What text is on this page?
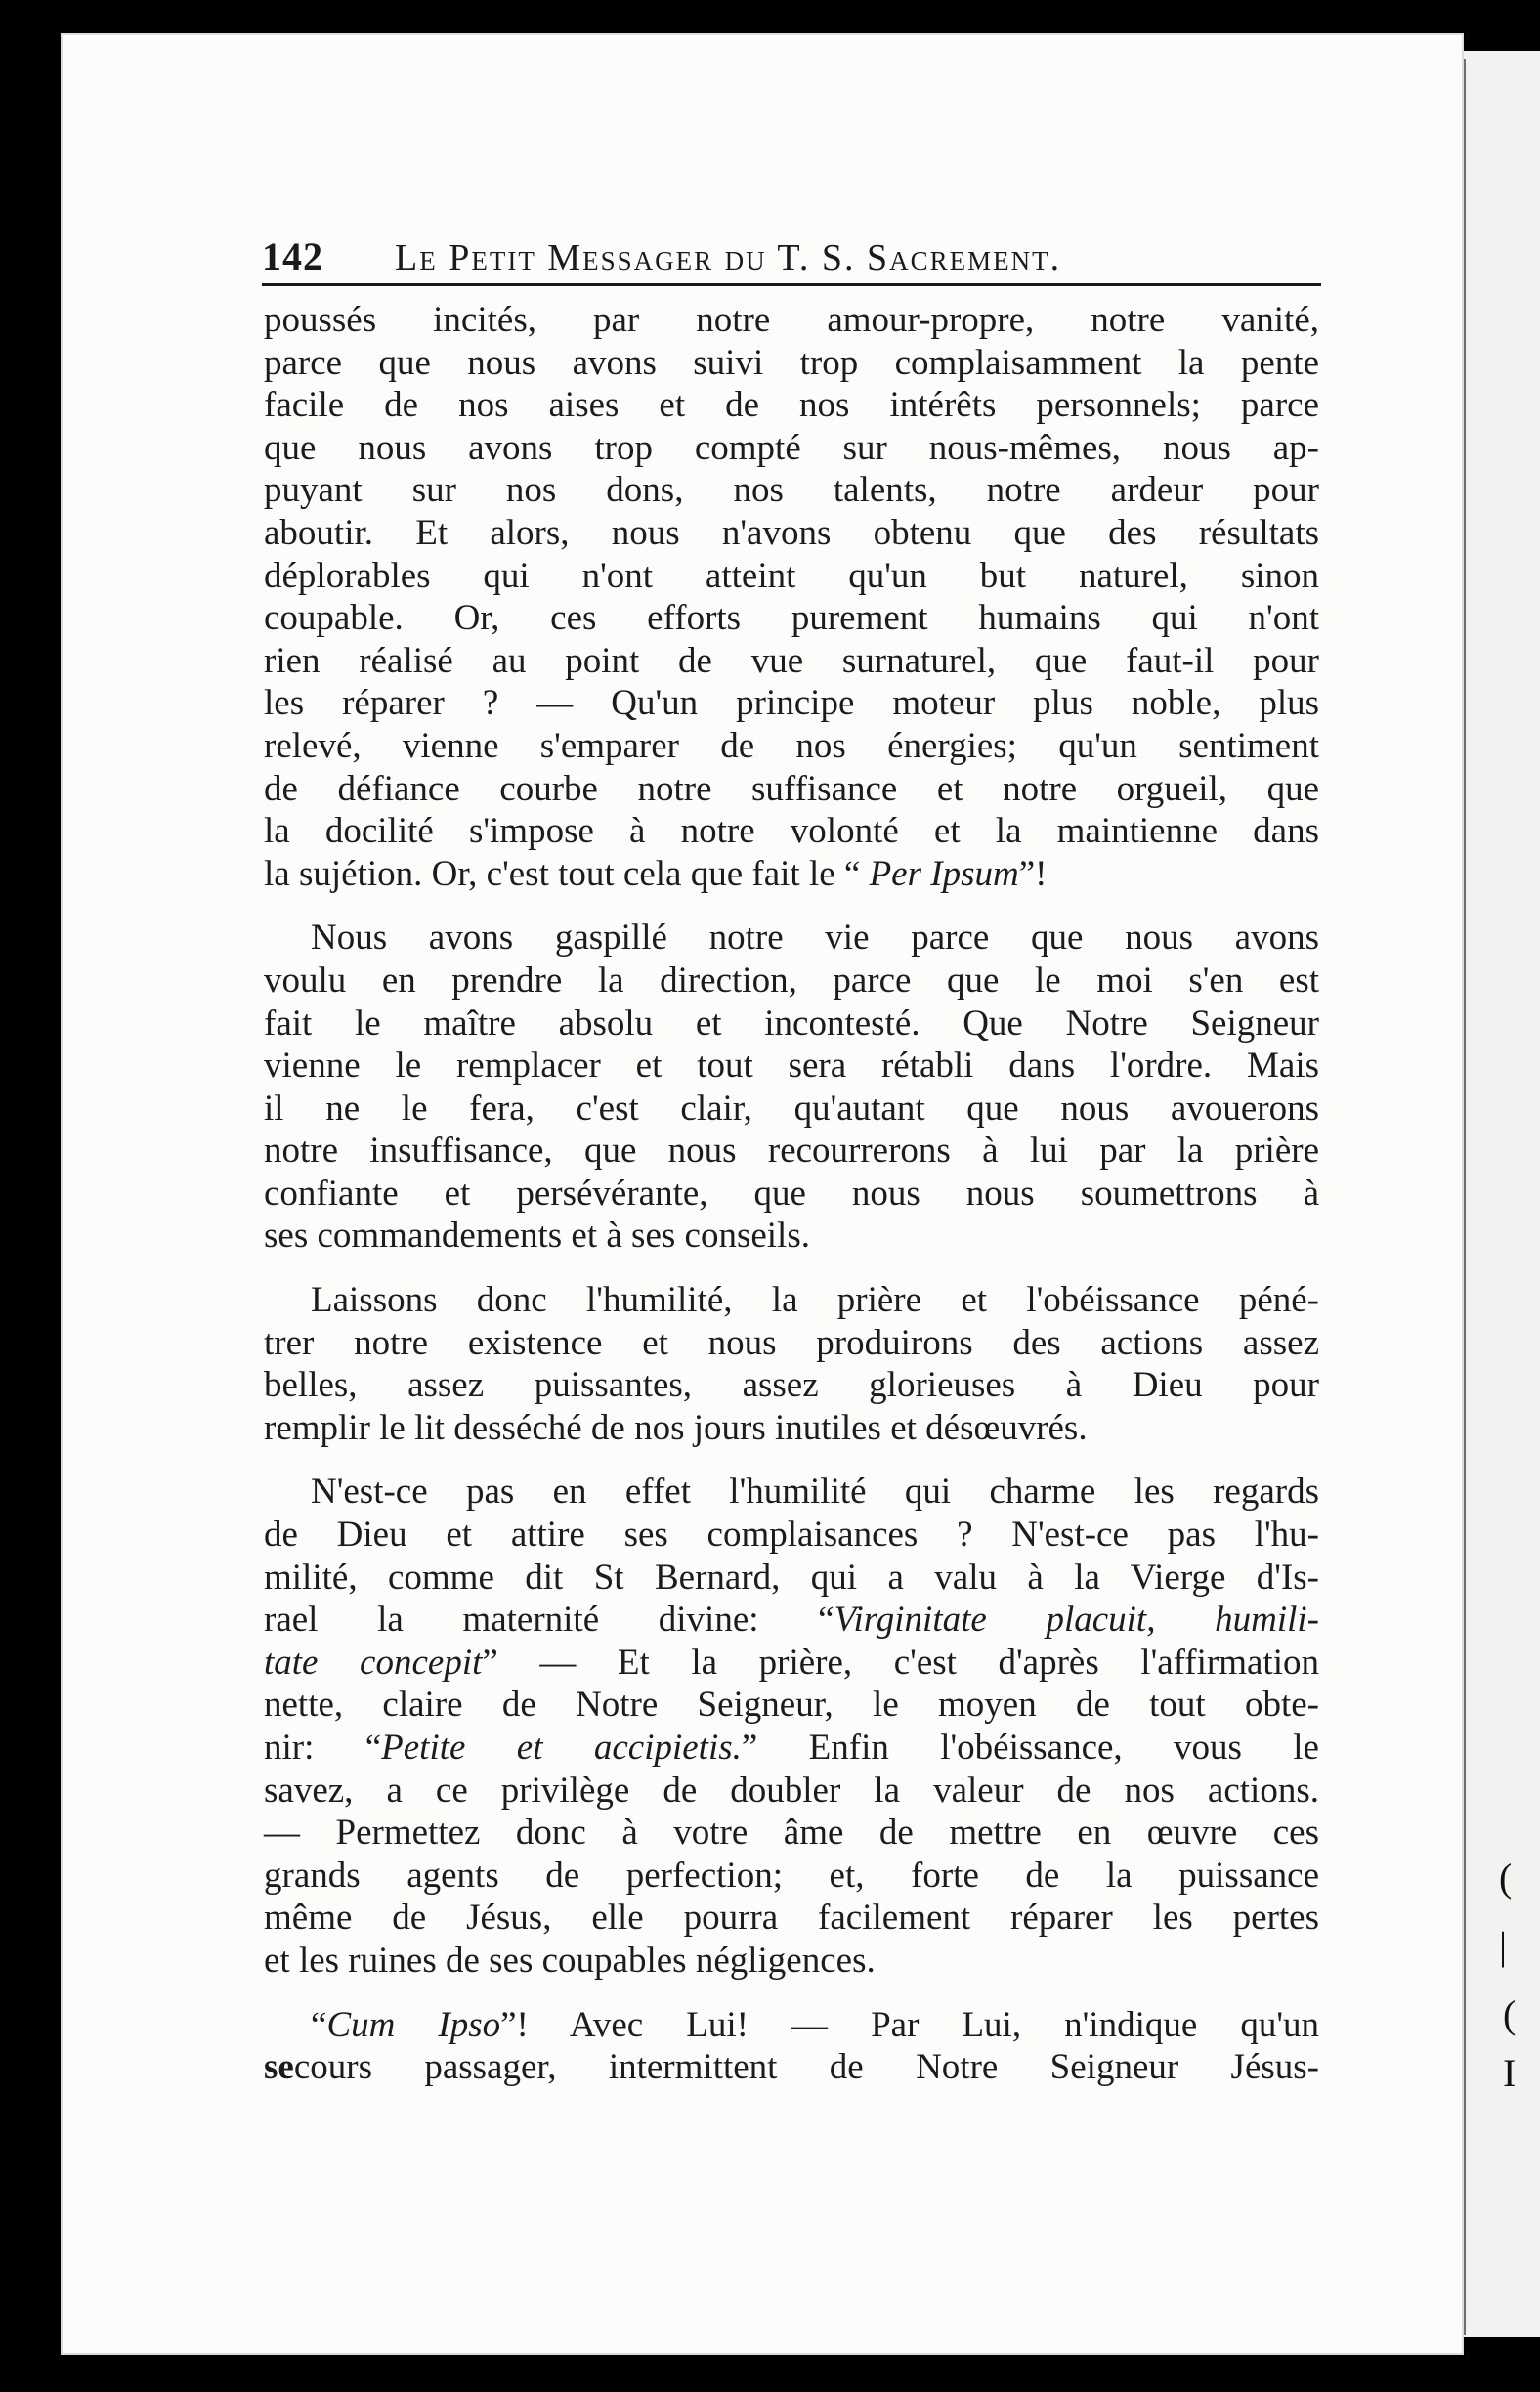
(
|
(
I
142 Le Petit Messager du T. S. Sacrement.

poussés incités, par notre amour-propre, notre vanité,
parce que nous avons suivi trop complaisamment la pente
facile de nos aises et de nos intérêts personnels; parce
que nous avons trop compté sur nous-mêmes, nous ap-
puyant sur nos dons, nos talents, notre ardeur pour
aboutir. Et alors, nous n'avons obtenu que des résultats
déplorables qui n'ont atteint qu'un but naturel, sinon
coupable. Or, ces efforts purement humains qui n'ont
rien réalisé au point de vue surnaturel, que faut-il pour
les réparer ? — Qu'un principe moteur plus noble, plus
relevé, vienne s'emparer de nos énergies; qu'un sentiment
de défiance courbe notre suffisance et notre orgueil, que
la docilité s'impose à notre volonté et la maintienne dans
la sujétion. Or, c'est tout cela que fait le “ Per Ipsum”!

Nous avons gaspillé notre vie parce que nous avons
voulu en prendre la direction, parce que le moi s'en est
fait le maître absolu et incontesté. Que Notre Seigneur
vienne le remplacer et tout sera rétabli dans l'ordre. Mais
il ne le fera, c'est clair, qu'autant que nous avouerons
notre insuffisance, que nous recourrerons à lui par la prière
confiante et persévérante, que nous nous soumettrons à
ses commandements et à ses conseils.

Laissons donc l'humilité, la prière et l'obéissance péné-
trer notre existence et nous produirons des actions assez
belles, assez puissantes, assez glorieuses à Dieu pour
remplir le lit desséché de nos jours inutiles et désœuvrés.

N'est-ce pas en effet l'humilité qui charme les regards
de Dieu et attire ses complaisances ? N'est-ce pas l'hu-
milité, comme dit St Bernard, qui a valu à la Vierge d'Is-
rael la maternité divine: “Virginitate placuit, humili-
tate concepit” — Et la prière, c'est d'après l'affirmation
nette, claire de Notre Seigneur, le moyen de tout obte-
nir: “Petite et accipietis.” Enfin l'obéissance, vous le
savez, a ce privilège de doubler la valeur de nos actions.
— Permettez donc à votre âme de mettre en œuvre ces
grands agents de perfection; et, forte de la puissance
même de Jésus, elle pourra facilement réparer les pertes
et les ruines de ses coupables négligences.

“Cum Ipso”! Avec Lui! — Par Lui, n'indique qu'un
secours passager, intermittent de Notre Seigneur Jésus-
